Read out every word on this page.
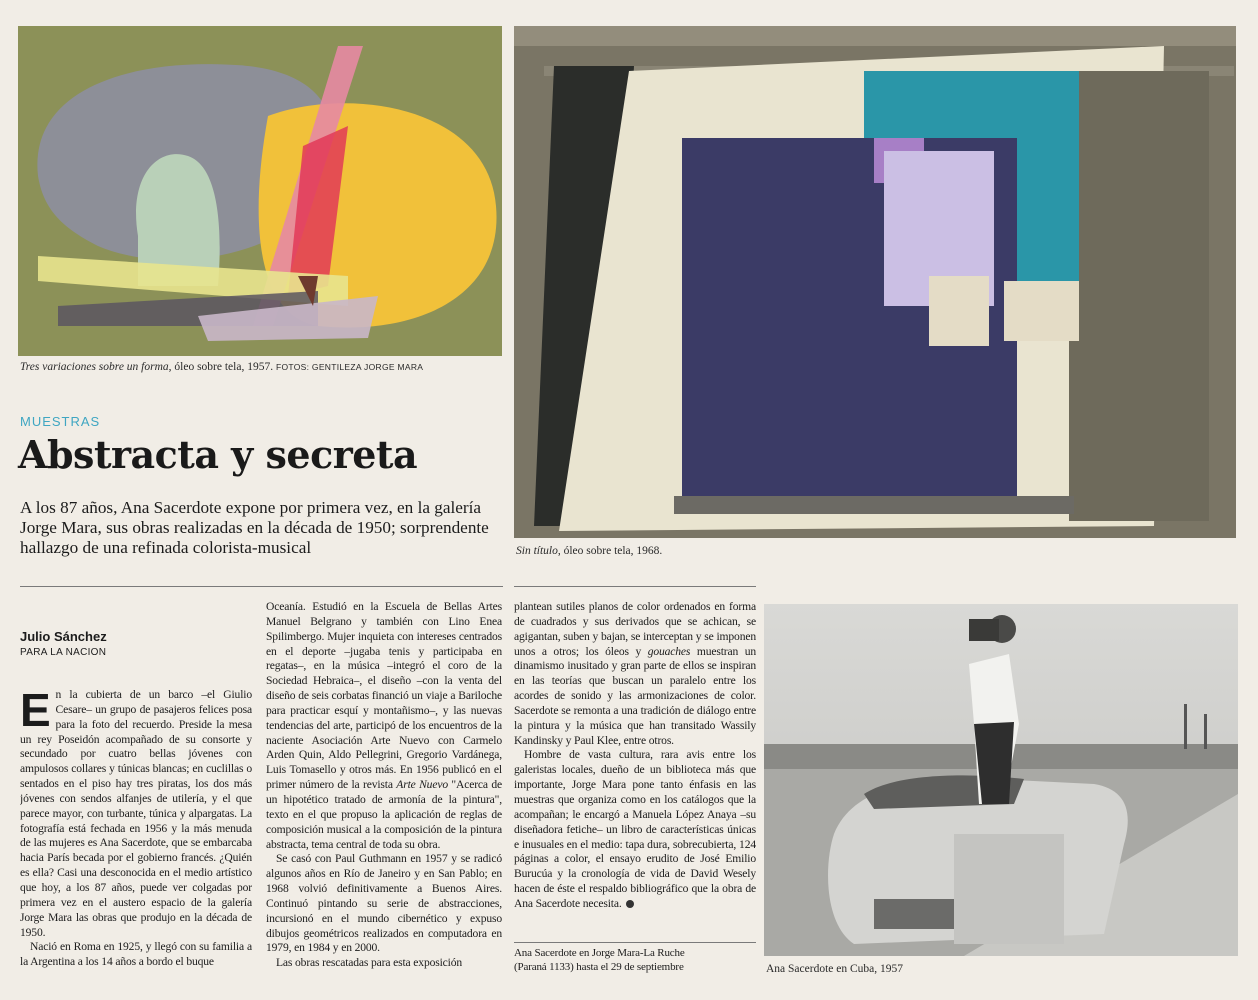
Tres variaciones sobre un forma, óleo sobre tela, 1957. FOTOS: GENTILEZA JORGE MARA
Sin título, óleo sobre tela, 1968.
MUESTRAS
Abstracta y secreta
A los 87 años, Ana Sacerdote expone por primera vez, en la galería Jorge Mara, sus obras realizadas en la década de 1950; sorprendente hallazgo de una refinada colorista-musical
Julio Sánchez
PARA LA NACION

En la cubierta de un barco –el Giulio Cesare– un grupo de pasajeros felices posa para la foto del recuerdo. Preside la mesa un rey Poseidón acompañado de su consorte y secundado por cuatro bellas jóvenes con ampulosos collares y túnicas blancas; en cuclillas o sentados en el piso hay tres piratas, los dos más jóvenes con sendos alfanjes de utilería, y el que parece mayor, con turbante, túnica y alpargatas. La fotografía está fechada en 1956 y la más menuda de las mujeres es Ana Sacerdote, que se embarcaba hacia París becada por el gobierno francés. ¿Quién es ella? Casi una desconocida en el medio artístico que hoy, a los 87 años, puede ver colgadas por primera vez en el austero espacio de la galería Jorge Mara las obras que produjo en la década de 1950.

Nació en Roma en 1925, y llegó con su familia a la Argentina a los 14 años a bordo el buque

Oceanía. Estudió en la Escuela de Bellas Artes Manuel Belgrano y también con Lino Enea Spilimbergo. Mujer inquieta con intereses centrados en el deporte –jugaba tenis y participaba en regatas–, en la música –integró el coro de la Sociedad Hebraica–, el diseño –con la venta del diseño de seis corbatas financió un viaje a Bariloche para practicar esquí y montañismo–, y las nuevas tendencias del arte, participó de los encuentros de la naciente Asociación Arte Nuevo con Carmelo Arden Quin, Aldo Pellegrini, Gregorio Vardánega, Luis Tomasello y otros más. En 1956 publicó en el primer número de la revista Arte Nuevo "Acerca de un hipotético tratado de armonía de la pintura", texto en el que propuso la aplicación de reglas de composición musical a la composición de la pintura abstracta, tema central de toda su obra.

Se casó con Paul Guthmann en 1957 y se radicó algunos años en Río de Janeiro y en San Pablo; en 1968 volvió definitivamente a Buenos Aires. Continuó pintando su serie de abstracciones, incursionó en el mundo cibernético y expuso dibujos geométricos realizados en computadora en 1979, en 1984 y en 2000.

Las obras rescatadas para esta exposición

plantean sutiles planos de color ordenados en forma de cuadrados y sus derivados que se achican, se agigantan, suben y bajan, se interceptan y se imponen unos a otros; los óleos y gouaches muestran un dinamismo inusitado y gran parte de ellos se inspiran en las teorías que buscan un paralelo entre los acordes de sonido y las armonizaciones de color. Sacerdote se remonta a una tradición de diálogo entre la pintura y la música que han transitado Wassily Kandinsky y Paul Klee, entre otros.

Hombre de vasta cultura, rara avis entre los galeristas locales, dueño de un biblioteca más que importante, Jorge Mara pone tanto énfasis en las muestras que organiza como en los catálogos que la acompañan; le encargó a Manuela López Anaya –su diseñadora fetiche– un libro de características únicas e inusuales en el medio: tapa dura, sobrecubierta, 124 páginas a color, el ensayo erudito de José Emilio Burucúa y la cronología de vida de David Wesely hacen de éste el respaldo bibliográfico que la obra de Ana Sacerdote necesita.

Ana Sacerdote en Jorge Mara-La Ruche (Paraná 1133) hasta el 29 de septiembre	Ana Sacerdote en Cuba, 1957
